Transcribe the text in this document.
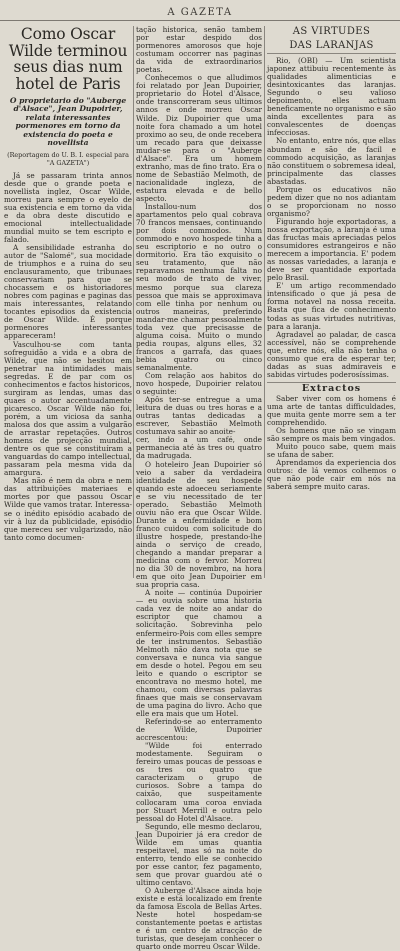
A GAZETA
Como Oscar Wilde terminou seus dias num hotel de Paris
O proprietario do "Auberge d'Alsace", Jean Dupoirier, relata interessantes pormenores em torno da existencia do poeta e novellista
(Reportagem do U. B. I. especial para "A GAZETA")

Já se passaram trinta annos desde que o grande poeta e novellista inglez, Oscar Wilde, morreu para sempre o eyelo de sua existencia e em torno da vida e da obra deste discutido e emocional intellectualidade mundial muito se tem escripto e falado.

A sensibilidade estranha do autor de "Salomé", sua mocidade de triumphos e a ruina do seu enclausuramento, que tribunaes conservariam para que se chocassem e os historiadores nobres com paginas e paginas das mais interessantes, relatando tocantes episodios da existencia de Oscar Wilde. É porque pormenores interessantes appareceram!

Vasculhou-se com tanta sofreguidão a vida e a obra de Wilde, que não se hesitou em penetrar na intimidades mais segredas. E de par com os conhecimentos e factos historicos, surgiram as lendas, umas das quaes o autor accentuadamente picaresco. Oscar Wilde não foi, porém, a um viciosa da sanha malosa dos que assim a vulgarão de arrastar repetações. Outros homens de projecção mundial, dentre os que se constituíram a vanguardas do campo intellectual, passaram pela mesma vida da amargura.

Mas não é nem da obra e nem das attribuições materiaes e mortes por que passou Oscar Wilde que vamos tratar. Interessa-se o inédito episódio acabado de vir à luz da publicidade, episódio que mereceu ser vulgarizado, não tanto como documen-

tação historica, senão tambem por estar despido dos pormenores amorosos que hoje costumam occorrer nas paginas da vida de extraordinarios poetas.

Conhecemos o que alludimos foi relatado por Jean Dupoirier, proprietario do Hotel d'Alsace, onde transcorreram seus ultimos annos e onde morreu Oscar Wilde. Diz Dupoirier que uma noite fora chamado a um hotel proximo ao seu, de onde recebera um recado para que deixasse mudar-se para o "Auberge d'Alsace". Era um homem extranho, mas de fino trato. Era o nome de Sebastião Melmoth, de nacionalidade ingleza, de estatura elevada e de bello aspecto.

Installou-num dos apartamentos pelo qual cobrava 70 francos mensaes, continuando por dois commodos. Num commodo e novo hospede tinha a seu escriptorio e no outro o dormitorio. Era tão exquisito o seu tratamento, que não reparavamos nenhuma falta no seu modo de trato de viver, mesmo porque sua clareza pessoa que mais se approximava com elle tinha por nenhum ou outros maneiras, preferindo mandar-me chamar pessoalmente toda vez que precisasse de alguma coisa. Muito o mundo pedia roupas, alguns elles, 32 francos a garrafa, das quaes bebia quatro ou cinco semanalmente.

Com relação aos habitos do novo hospede, Dupoirier relatou o seguinte:

Apôs ter-se entregue a uma leitura de duas ou tres horas e a outras tantas dedicadas a escrever, Sebastião Melmoth costumava sahir ao anoite-

cer, indo a um café, onde permanecia até às tres ou quatro da madrugada.

O hoteleiro Jean Dupoirier só veio a saber da verdadeira identidade de seu hospede quando este adoeceu seriamente e se viu necessitado de ter operado. Sebastião Melmoth ouviu não era que Oscar Wilde. Durante a enfermidade e bom franco cuidou com solicitude do illustre hospede, prestando-lhe ainda o serviço de creado, chegando a mandar preparar a medicina com o fervor. Morreu no dia 30 de novembro, na hora em que oito Jean Dupoirier em sua propria casa.

A noite — continúa Dupoirier — eu ouvia sobre uma historia cada vez de noite ao andar do escriptor que chamou a solicitação. Sobrevinha pelo enfermeiro-Pois com elles sempre de ter instrumentos. Sebastião Melmoth não dava nota que se conversava e nunca via sangue em desde o hotel. Pegou em seu leito e quando o escriptor se encontrava no mesmo hotel, me chamou, com diversas palavras finaes que mais se conservavam de uma pagina do livro. Acho que elle era mais que um Hotel.

Referindo-se ao enterramento de Wilde, Dupoirier accrescentou:

"Wilde foi enterrado modestamente. Seguiram o fereiro umas poucas de pessoas e os tres ou quatro que caracterizam o grupo de curiosos. Sobre a tampa do caixão, que suspeitamente collocaram uma coroa enviada por Stuart Merrill e outra pelo pessoal do Hotel d'Alsace.

Segundo, elle mesmo declarou, Jean Dupoirier já era credor de Wilde em umas quantia respeitavel, mas só na noite do enterro, tendo elle se conhecido por esse cantor, fez pagamento, sem que provar guardou até o ultimo centavo.

O Auberge d'Alsace ainda hoje existe e está localizado em frente da famosa Escola de Bellas Artes. Neste hotel hospedam-se constantemente poetas e artistas e é um centro de atracção de turistas, que desejam conhecer o quarto onde morreu Oscar Wilde.

AS VIRTUDES
DAS LARANJAS

Rio, (OBI) — Um scientista japonez attibuiu recentemente às qualidades alimenticias e desintoxicantes das laranjas. Segundo o seu valioso depoimento, elles actuam beneficamente no organismo e são ainda excellentes para as convalescentes de doenças infecciosas.

No entanto, entre nós, que ellas abundam e são de facil e commodo acquisição, as laranjas não constituem o sobremesa ideal, principalmente das classes abastadas.

Porque os educativos não pedem dizer que no nos adiantam o se proporcionam no nosso organismo?

Figurando hoje exportadoras, a nossa exportação, a laranja é uma das fructas mais apreciadas pelos consumidores estrangeiros e não merecem a importancia. E' podem as nossas variedades, a laranja e deve ser quantidade exportada pelo Brasil.

E' um artigo recommendado intensificado o que já pesa de forma notavel na nossa receita. Basta que fica de conhecimento todas as suas virtudes nutritivas, para a laranja.

Agradavel ao paladar, de casca accessível, não se comprehende que, entre nós, ella não tenha o consumo que era de esperar ter, dadas as suas admiraveis e sabidas virtudes poderosíssimas.

Extractos

Saber viver com os homens é uma arte de tantas difficuldades, que muita gente morre sem a ter comprehendido.

Os homens que não se vingam são sempre os mais bem vingados.

Muito pouco sabe, quem mais se ufana de saber.

Aprendamos da experiencia dos outros: de lá vemos colhemos o que não pode cair em nós na saberá sempre muito caras.
